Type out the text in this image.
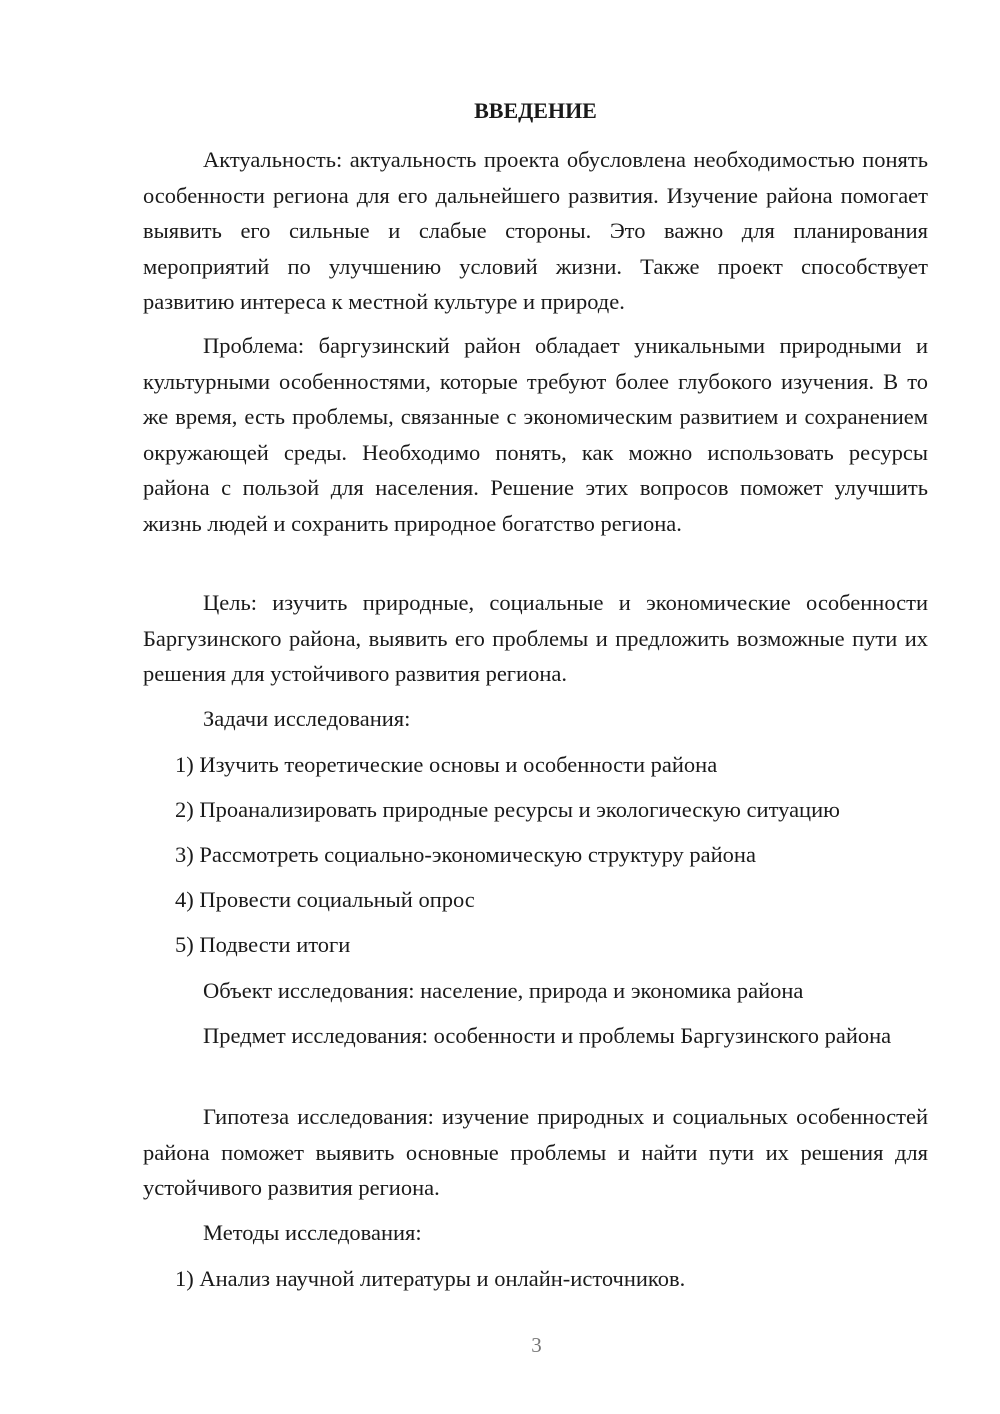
ВВЕДЕНИЕ

Актуальность: актуальность проекта обусловлена необходимостью понять особенности региона для его дальнейшего развития. Изучение района помогает выявить его сильные и слабые стороны. Это важно для планирования мероприятий по улучшению условий жизни. Также проект способствует развитию интереса к местной культуре и природе.

Проблема: баргузинский район обладает уникальными природными и культурными особенностями, которые требуют более глубокого изучения. В то же время, есть проблемы, связанные с экономическим развитием и сохранением окружающей среды. Необходимо понять, как можно использовать ресурсы района с пользой для населения. Решение этих вопросов поможет улучшить жизнь людей и сохранить природное богатство региона.

Цель: изучить природные, социальные и экономические особенности Баргузинского района, выявить его проблемы и предложить возможные пути их решения для устойчивого развития региона.

Задачи исследования:

1) Изучить теоретические основы и особенности района

2) Проанализировать природные ресурсы и экологическую ситуацию

3) Рассмотреть социально-экономическую структуру района

4) Провести социальный опрос

5) Подвести итоги

Объект исследования: население, природа и экономика района

Предмет исследования: особенности и проблемы Баргузинского района

Гипотеза исследования: изучение природных и социальных особенностей района поможет выявить основные проблемы и найти пути их решения для устойчивого развития региона.

Методы исследования:

1) Анализ научной литературы и онлайн-источников.

3
